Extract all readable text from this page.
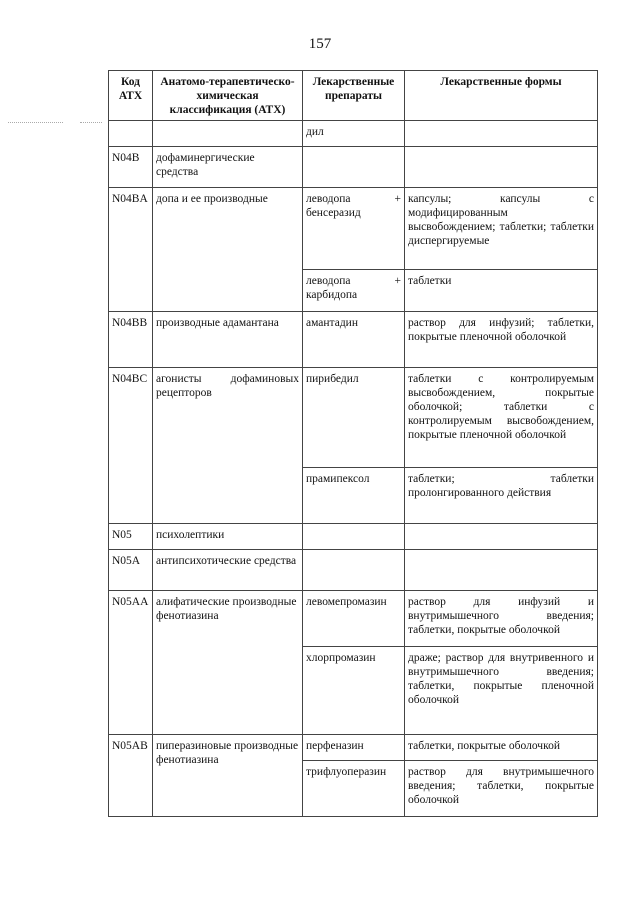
157
Код АТХ	Анатомо-терапевтическо-химическая классификация (АТХ)	Лекарственные препараты	Лекарственные формы
		дил	
N04B	дофаминергические средства		
N04BA	допа и ее производные	леводопа + бенсеразид	капсулы; капсулы с модифицированным высвобождением; таблетки; таблетки диспергируемые
		леводопа + карбидопа	таблетки
N04BB	производные адамантана	амантадин	раствор для инфузий; таблетки, покрытые пленочной оболочкой
N04BC	агонисты дофаминовых рецепторов	пирибедил	таблетки с контролируемым высвобождением, покрытые оболочкой; таблетки с контролируемым высвобождением, покрытые пленочной оболочкой
		прамипексол	таблетки; таблетки пролонгированного действия
N05	психолептики		
N05A	антипсихотические средства		
N05AA	алифатические производные фенотиазина	левомепромазин	раствор для инфузий и внутримышечного введения; таблетки, покрытые оболочкой
		хлорпромазин	драже; раствор для внутривенного и внутримышечного введения; таблетки, покрытые пленочной оболочкой
N05AB	пиперазиновые производные фенотиазина	перфеназин	таблетки, покрытые оболочкой
		трифлуоперазин	раствор для внутримышечного введения; таблетки, покрытые оболочкой
